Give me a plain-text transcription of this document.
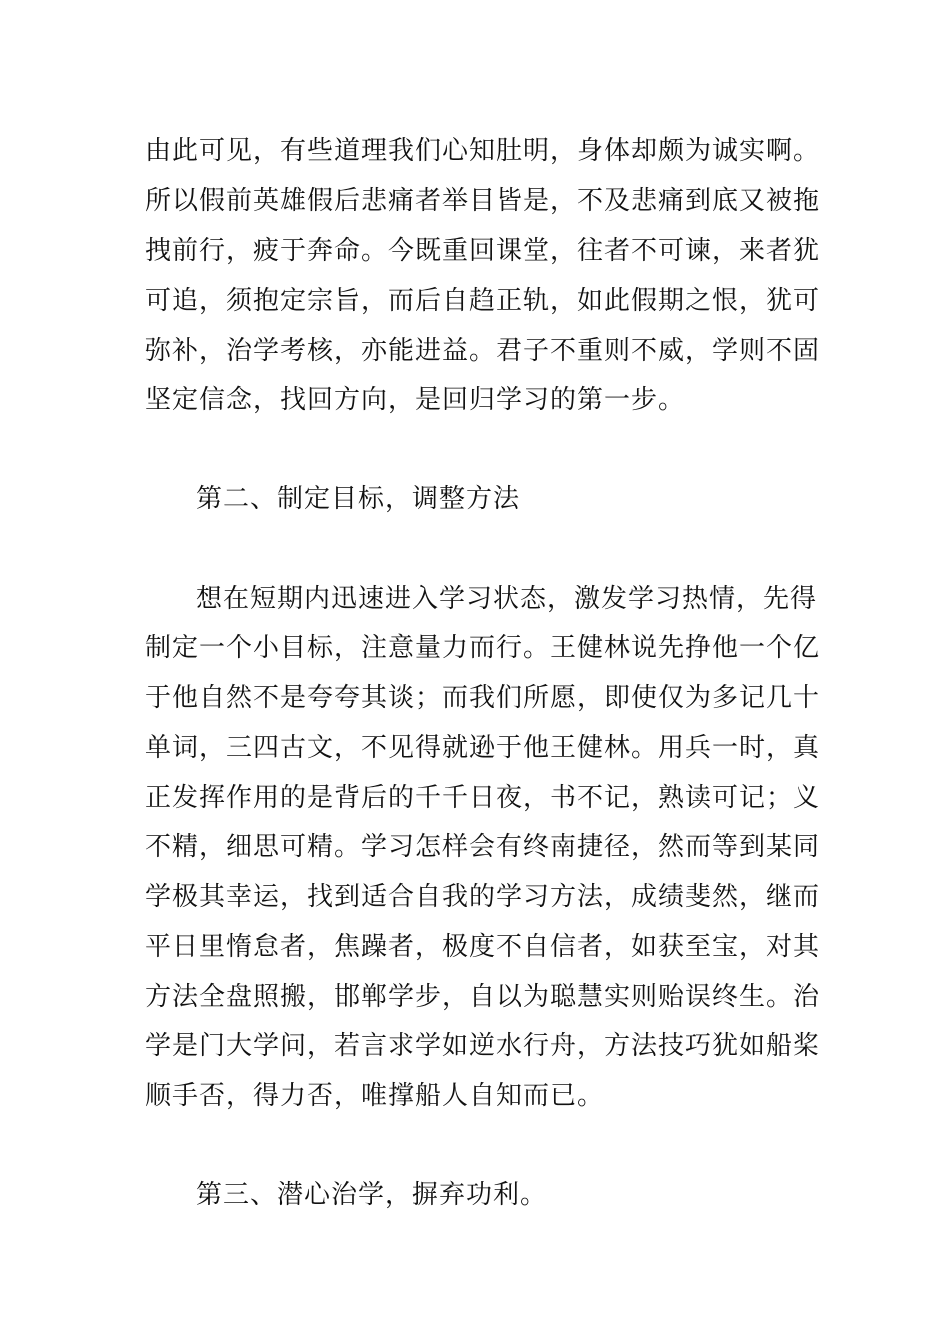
由此可见，有些道理我们心知肚明，身体却颇为诚实啊。
所以假前英雄假后悲痛者举目皆是，不及悲痛到底又被拖
拽前行，疲于奔命。今既重回课堂，往者不可谏，来者犹
可追，须抱定宗旨，而后自趋正轨，如此假期之恨，犹可
弥补，治学考核，亦能进益。君子不重则不威，学则不固
坚定信念，找回方向，是回归学习的第一步。
第二、制定目标，调整方法
想在短期内迅速进入学习状态，激发学习热情，先得
制定一个小目标，注意量力而行。王健林说先挣他一个亿
于他自然不是夸夸其谈；而我们所愿，即使仅为多记几十
单词，三四古文，不见得就逊于他王健林。用兵一时，真
正发挥作用的是背后的千千日夜，书不记，熟读可记；义
不精，细思可精。学习怎样会有终南捷径，然而等到某同
学极其幸运，找到适合自我的学习方法，成绩斐然，继而
平日里惰怠者，焦躁者，极度不自信者，如获至宝，对其
方法全盘照搬，邯郸学步，自以为聪慧实则贻误终生。治
学是门大学问，若言求学如逆水行舟，方法技巧犹如船桨
顺手否，得力否，唯撑船人自知而已。
第三、潜心治学，摒弃功利。
